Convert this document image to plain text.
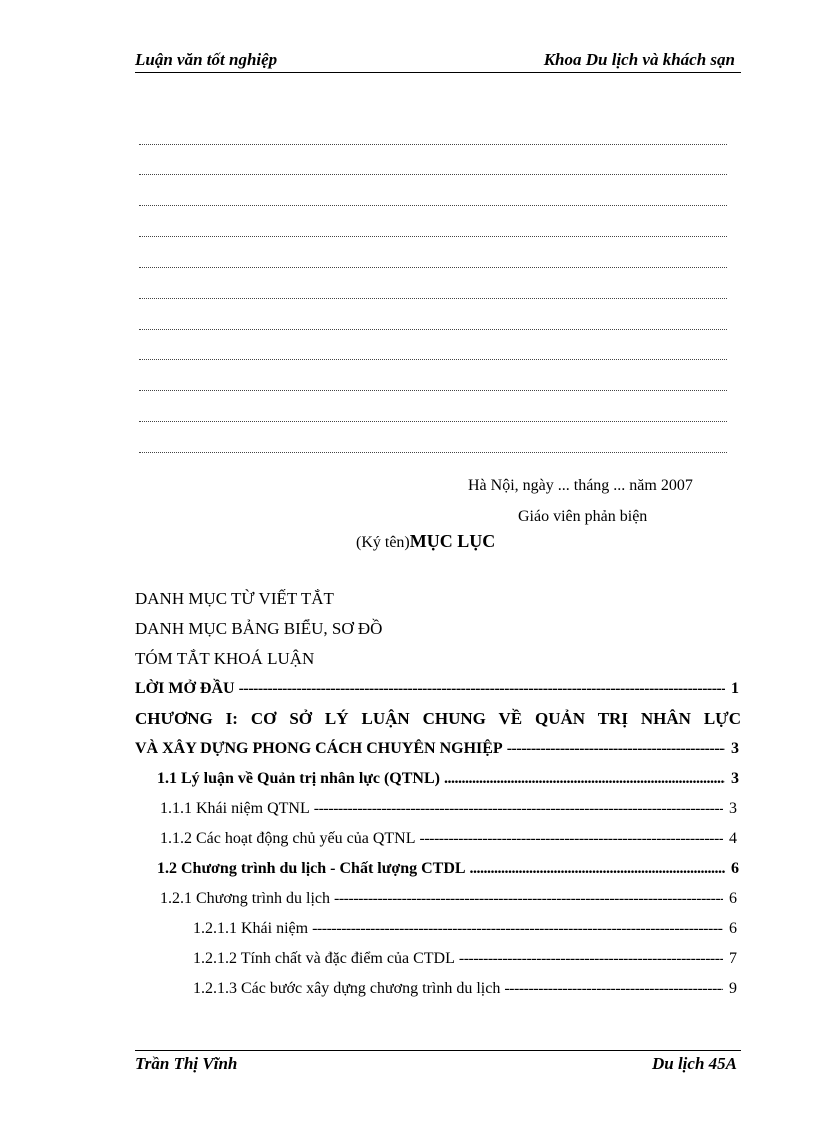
Luận văn tốt nghiệp	Khoa Du lịch và khách sạn
Hà Nội, ngày ... tháng ... năm 2007
Giáo viên phản biện
(Ký tên)MỤC LỤC
DANH MỤC TỪ VIẾT TẮT
DANH MỤC BẢNG BIỂU, SƠ ĐỒ
TÓM TẮT KHOÁ LUẬN
LỜI MỞ ĐẦU -----	1
CHƯƠNG I: CƠ SỞ LÝ LUẬN CHUNG VỀ QUẢN TRỊ NHÂN LỰC
VÀ XÂY DỰNG PHONG CÁCH CHUYÊN NGHIỆP -----	3
1.1 Lý luận về Quản trị nhân lực (QTNL) .....	3
1.1.1 Khái niệm QTNL -----	3
1.1.2 Các hoạt động chủ yếu của QTNL -----	4
1.2 Chương trình du lịch - Chất lượng CTDL .....	6
1.2.1 Chương trình du lịch -----	6
1.2.1.1 Khái niệm -----	6
1.2.1.2 Tính chất và đặc điểm của CTDL -----	7
1.2.1.3 Các bước xây dựng chương trình du lịch -----	9
Trần Thị Vĩnh	Du lịch 45A
